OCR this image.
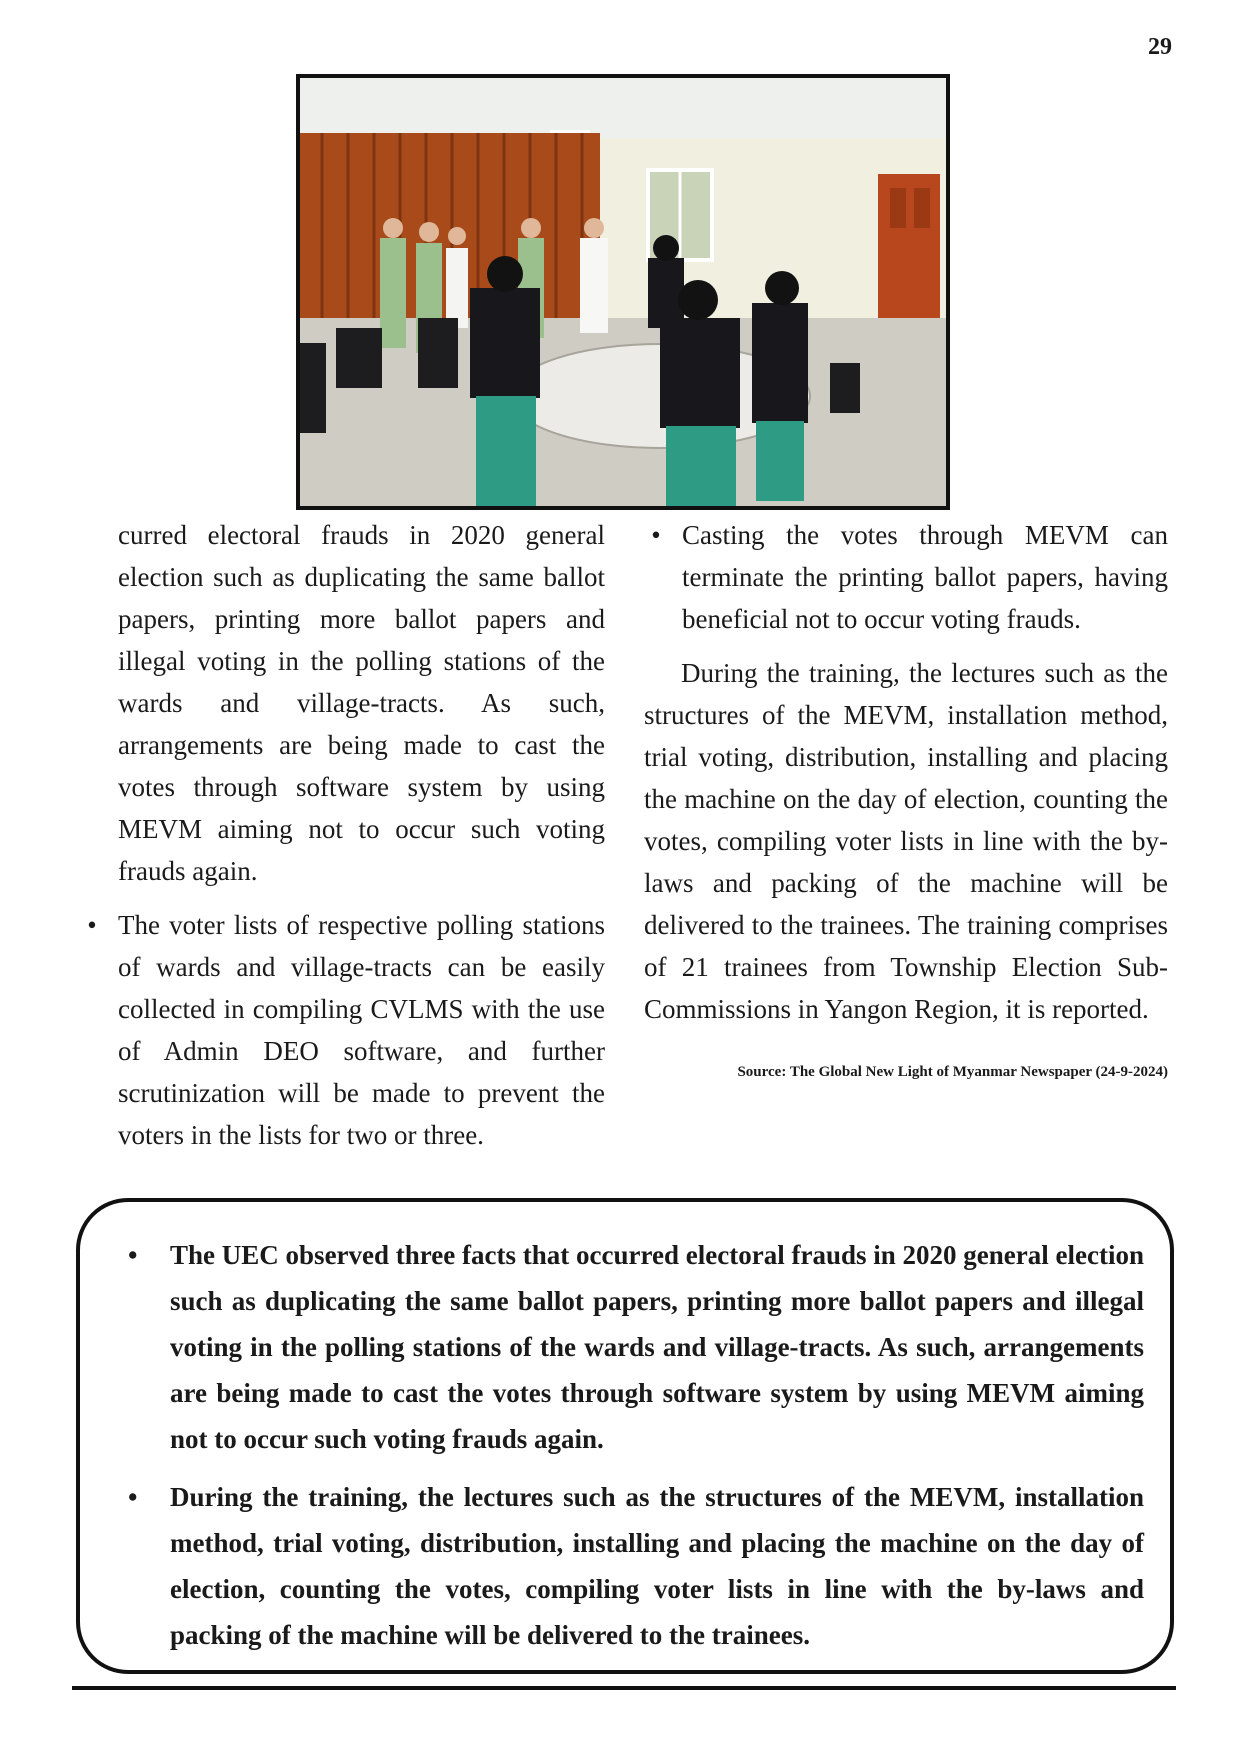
29

curred electoral frauds in 2020 general election such as duplicating the same ballot papers, printing more ballot papers and illegal voting in the polling stations of the wards and village-tracts. As such, arrangements are being made to cast the votes through software system by using MEVM aiming not to occur such voting frauds again.

• The voter lists of respective polling stations of wards and village-tracts can be easily collected in compiling CVLMS with the use of Admin DEO software, and further scrutinization will be made to prevent the voters in the lists for two or three.

• Casting the votes through MEVM can terminate the printing ballot papers, having beneficial not to occur voting frauds.

During the training, the lectures such as the structures of the MEVM, installation method, trial voting, distribution, installing and placing the machine on the day of election, counting the votes, compiling voter lists in line with the by-laws and packing of the machine will be delivered to the trainees. The training comprises of 21 trainees from Township Election Sub-Commissions in Yangon Region, it is reported.

Source: The Global New Light of Myanmar Newspaper (24-9-2024)
• The UEC observed three facts that occurred electoral frauds in 2020 general election such as duplicating the same ballot papers, printing more ballot papers and illegal voting in the polling stations of the wards and village-tracts. As such, arrangements are being made to cast the votes through software system by using MEVM aiming not to occur such voting frauds again.
• During the training, the lectures such as the structures of the MEVM, installation method, trial voting, distribution, installing and placing the machine on the day of election, counting the votes, compiling voter lists in line with the by-laws and packing of the machine will be delivered to the trainees.
